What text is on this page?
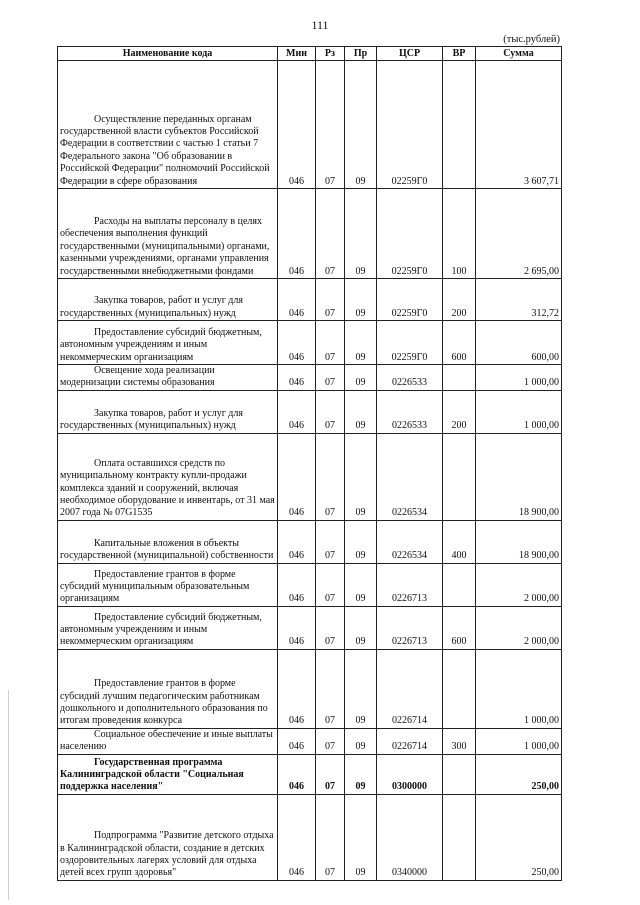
111
(тыс.рублей)
Наименование кода	Мин	Рз	Пр	ЦСР	ВР	Сумма

Осуществление переданных органам государственной власти субъектов Российской Федерации в соответствии с частью 1 статьи 7 Федерального закона "Об образовании в Российской Федерации" полномочий Российской Федерации в сфере образования	046	07	09	02259Г0		3 607,71

Расходы на выплаты персоналу в целях обеспечения выполнения функций государственными (муниципальными) органами, казенными учреждениями, органами управления государственными внебюджетными фондами	046	07	09	02259Г0	100	2 695,00

Закупка товаров, работ и услуг для государственных (муниципальных) нужд	046	07	09	02259Г0	200	312,72

Предоставление субсидий бюджетным, автономным учреждениям и иным некоммерческим организациям	046	07	09	02259Г0	600	600,00

Освещение хода реализации модернизации системы образования	046	07	09	0226533		1 000,00

Закупка товаров, работ и услуг для государственных (муниципальных) нужд	046	07	09	0226533	200	1 000,00

Оплата оставшихся средств по муниципальному контракту купли-продажи комплекса зданий и сооружений, включая необходимое оборудование и инвентарь, от 31 мая 2007 года № 07G1535	046	07	09	0226534		18 900,00

Капитальные вложения в объекты государственной (муниципальной) собственности	046	07	09	0226534	400	18 900,00

Предоставление грантов в форме субсидий муниципальным образовательным организациям	046	07	09	0226713		2 000,00

Предоставление субсидий бюджетным, автономным учреждениям и иным некоммерческим организациям	046	07	09	0226713	600	2 000,00

Предоставление грантов в форме субсидий лучшим педагогическим работникам дошкольного и дополнительного образования по итогам проведения конкурса	046	07	09	0226714		1 000,00

Социальное обеспечение и иные выплаты населению	046	07	09	0226714	300	1 000,00

Государственная программа Калининградской области "Социальная поддержка населения"	046	07	09	0300000		250,00

Подпрограмма "Развитие детского отдыха в Калининградской области, создание в детских оздоровительных лагерях условий для отдыха детей всех групп здоровья"	046	07	09	0340000		250,00
